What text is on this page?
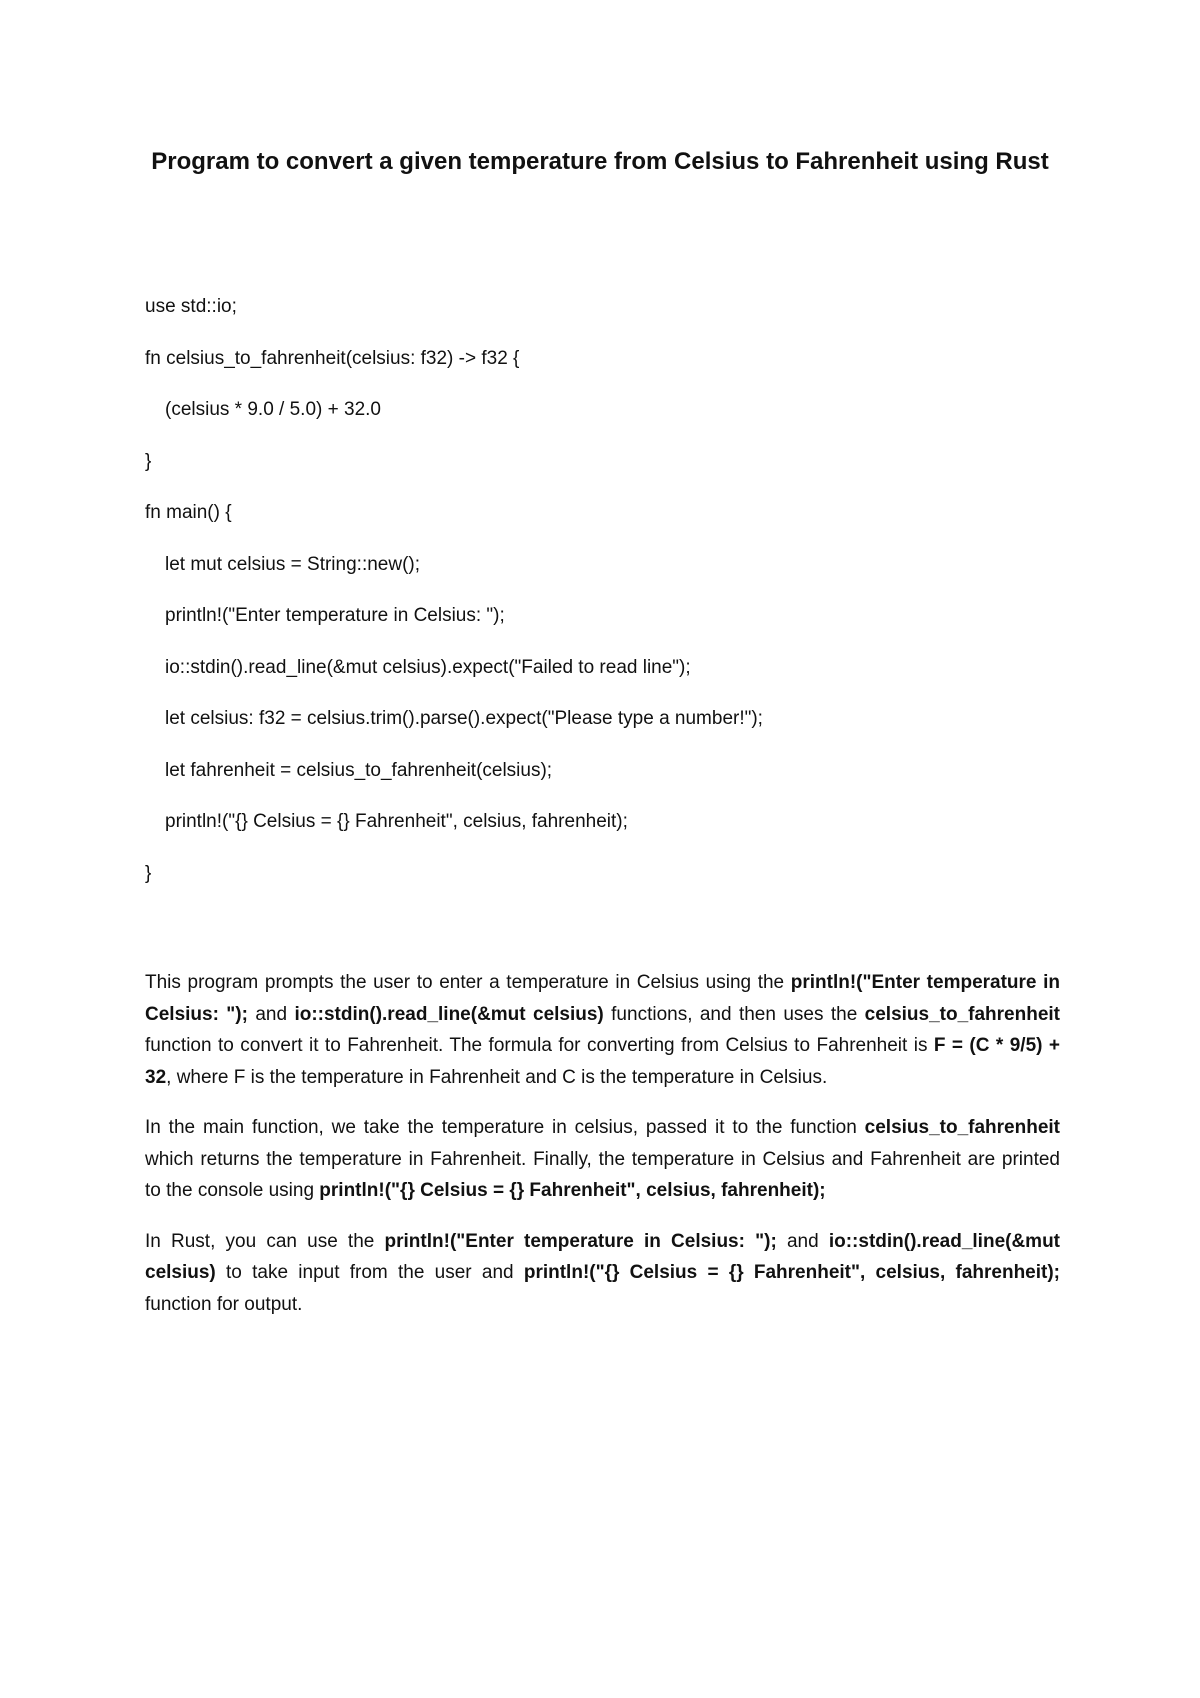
Program to convert a given temperature from Celsius to Fahrenheit using Rust
use std::io;
fn celsius_to_fahrenheit(celsius: f32) -> f32 {
(celsius * 9.0 / 5.0) + 32.0
}
fn main() {
let mut celsius = String::new();
println!("Enter temperature in Celsius: ");
io::stdin().read_line(&mut celsius).expect("Failed to read line");
let celsius: f32 = celsius.trim().parse().expect("Please type a number!");
let fahrenheit = celsius_to_fahrenheit(celsius);
println!("{} Celsius = {} Fahrenheit", celsius, fahrenheit);
}

This program prompts the user to enter a temperature in Celsius using the println!("Enter temperature in Celsius: "); and io::stdin().read_line(&mut celsius) functions, and then uses the celsius_to_fahrenheit function to convert it to Fahrenheit. The formula for converting from Celsius to Fahrenheit is F = (C * 9/5) + 32, where F is the temperature in Fahrenheit and C is the temperature in Celsius.

In the main function, we take the temperature in celsius, passed it to the function celsius_to_fahrenheit which returns the temperature in Fahrenheit. Finally, the temperature in Celsius and Fahrenheit are printed to the console using println!("{} Celsius = {} Fahrenheit", celsius, fahrenheit);

In Rust, you can use the println!("Enter temperature in Celsius: "); and io::stdin().read_line(&mut celsius) to take input from the user and println!("{} Celsius = {} Fahrenheit", celsius, fahrenheit); function for output.
